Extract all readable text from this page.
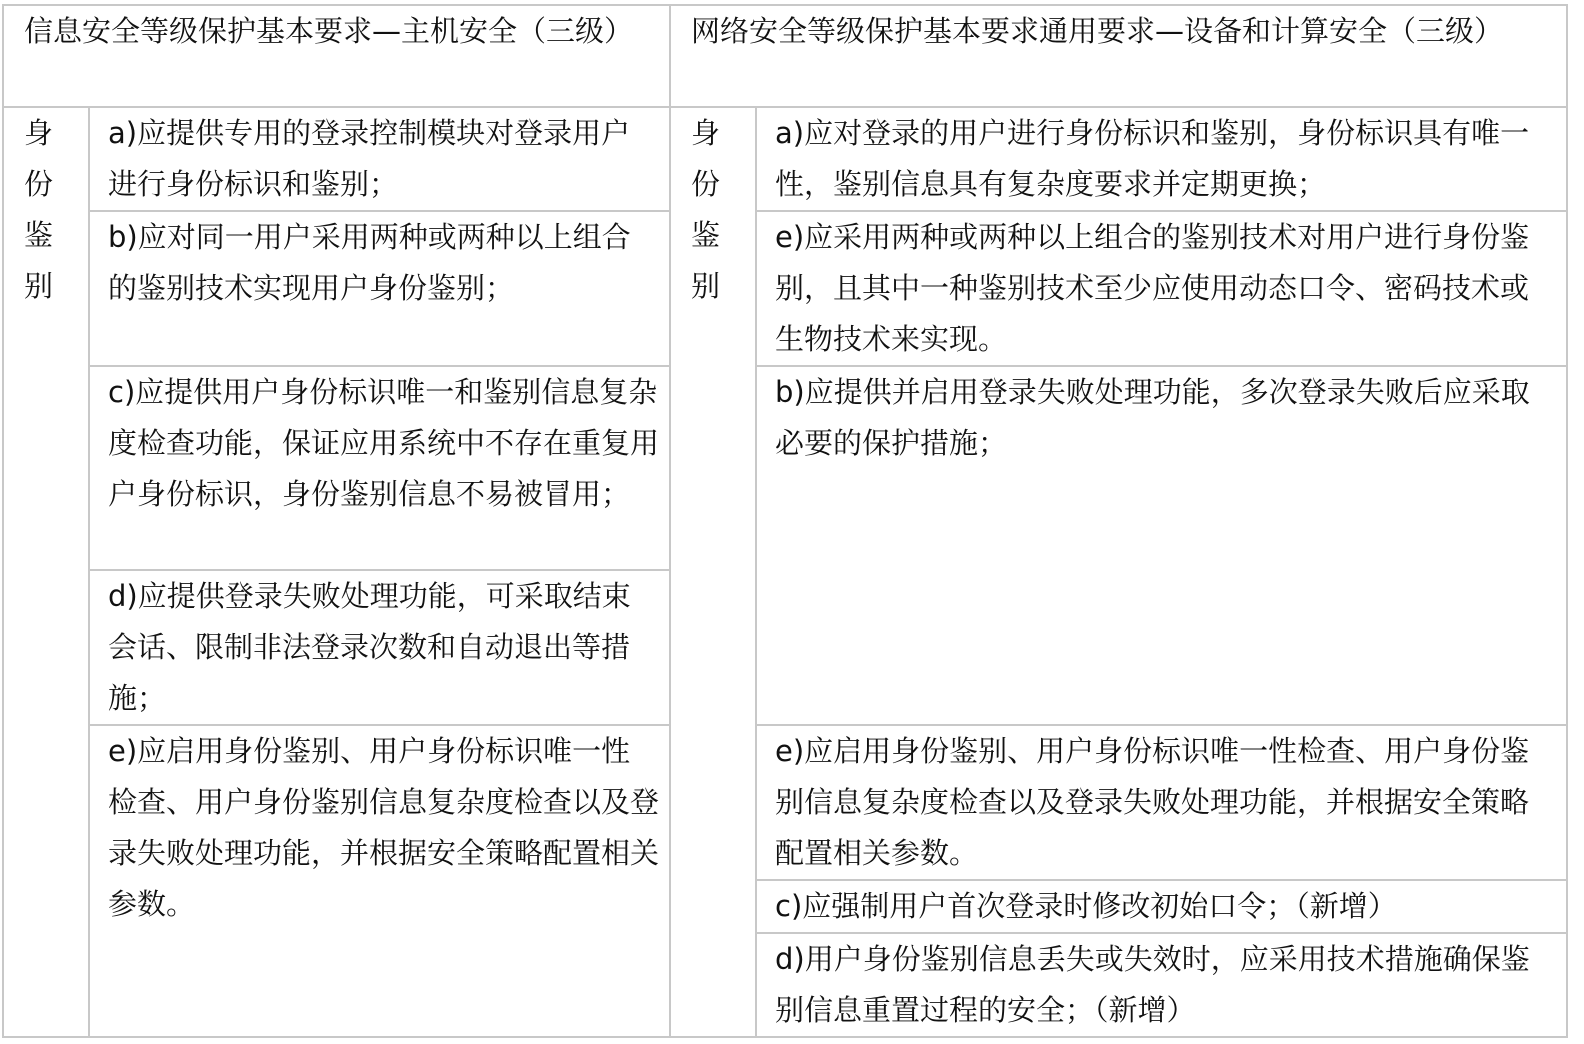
信息安全等级保护基本要求—主机安全（三级）		网络安全等级保护基本要求通用要求—设备和计算安全（三级）	
身份鉴别	a)应提供专用的登录控制模块对登录用户进行身份标识和鉴别；	身份鉴别	a)应对登录的用户进行身份标识和鉴别，身份标识具有唯一性，鉴别信息具有复杂度要求并定期更换；
	b)应对同一用户采用两种或两种以上组合的鉴别技术实现用户身份鉴别；		e)应采用两种或两种以上组合的鉴别技术对用户进行身份鉴别，且其中一种鉴别技术至少应使用动态口令、密码技术或生物技术来实现。
	c)应提供用户身份标识唯一和鉴别信息复杂度检查功能，保证应用系统中不存在重复用户身份标识，身份鉴别信息不易被冒用；		b)应提供并启用登录失败处理功能，多次登录失败后应采取必要的保护措施；
	d)应提供登录失败处理功能，可采取结束会话、限制非法登录次数和自动退出等措施；		
	e)应启用身份鉴别、用户身份标识唯一性检查、用户身份鉴别信息复杂度检查以及登录失败处理功能，并根据安全策略配置相关参数。		e)应启用身份鉴别、用户身份标识唯一性检查、用户身份鉴别信息复杂度检查以及登录失败处理功能，并根据安全策略配置相关参数。
			c)应强制用户首次登录时修改初始口令；（新增）
			d)用户身份鉴别信息丢失或失效时，应采用技术措施确保鉴别信息重置过程的安全；（新增）
